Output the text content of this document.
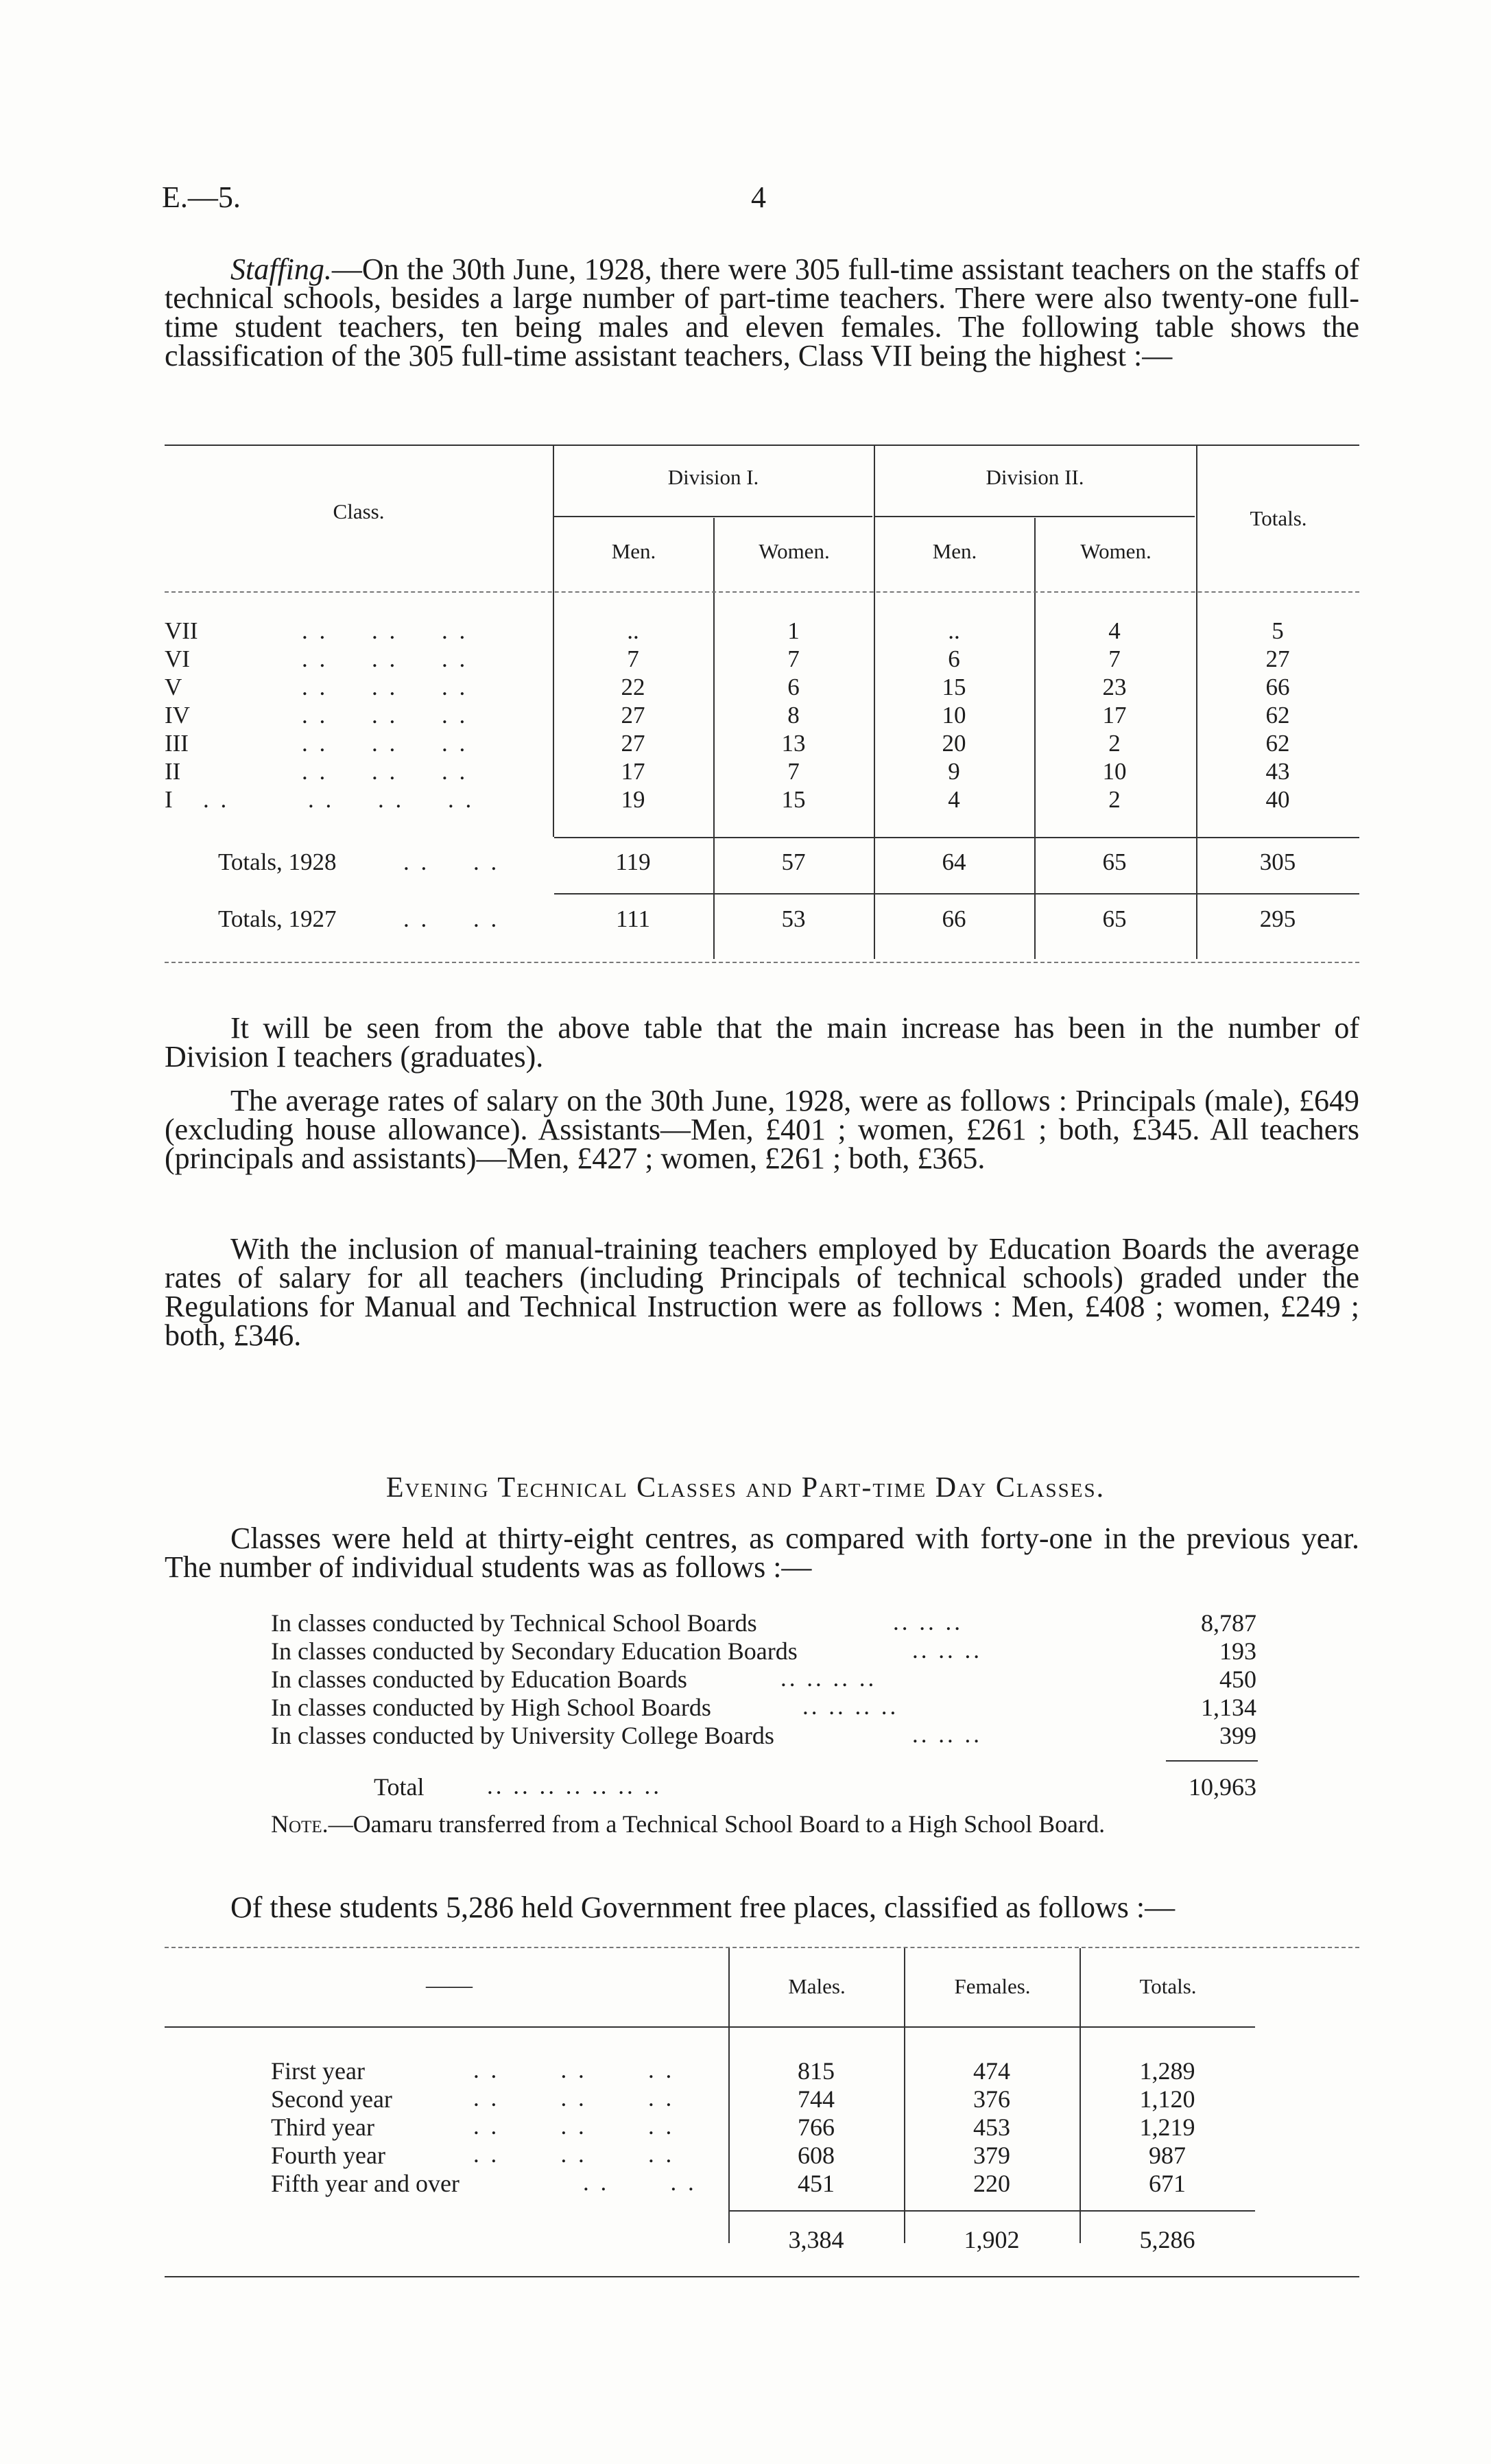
E.—5.	4
Staffing.—On the 30th June, 1928, there were 305 full-time assistant teachers on the staffs of technical schools, besides a large number of part-time teachers. There were also twenty-one full-time student teachers, ten being males and eleven females. The following table shows the classification of the 305 full-time assistant teachers, Class VII being the highest :—
Class.
Division I.	Division II.
Totals.
Men.	Women.	Men.	Women.
VII	. .     . .     . .	..	1	..	4	5
VI	. .     . .     . .	7	7	6	7	27
V	. .     . .     . .	22	6	15	23	66
IV	. .     . .     . .	27	8	10	17	62
III	. .     . .     . .	27	13	20	2	62
II	. .     . .     . .	17	7	9	10	43
I . .         . .     . .     . .	19	15	4	2	40
Totals, 1928	. .     . .	119	57	64	65	305
Totals, 1927	. .     . .	111	53	66	65	295
It will be seen from the above table that the main increase has been in the number of Division I teachers (graduates).
The average rates of salary on the 30th June, 1928, were as follows : Principals (male), £649 (excluding house allowance). Assistants—Men, £401 ; women, £261 ; both, £345. All teachers (principals and assistants)—Men, £427 ; women, £261 ; both, £365.
With the inclusion of manual-training teachers employed by Education Boards the average rates of salary for all teachers (including Principals of technical schools) graded under the Regulations for Manual and Technical Instruction were as follows : Men, £408 ; women, £249 ; both, £346.
Evening Technical Classes and Part-time Day Classes.
Classes were held at thirty-eight centres, as compared with forty-one in the previous year. The number of individual students was as follows :—
In classes conducted by Technical School Boards	.. .. ..	8,787
In classes conducted by Secondary Education Boards	.. .. ..	193
In classes conducted by Education Boards	.. .. .. ..	450
In classes conducted by High School Boards	.. .. .. ..	1,134
In classes conducted by University College Boards	.. .. ..	399
Total	.. .. .. .. .. .. ..	10,963
Note.—Oamaru transferred from a Technical School Board to a High School Board.
Of these students 5,286 held Government free places, classified as follows :—
——	Males.	Females.	Totals.
First year	. .       . .       . .	815	474	1,289
Second year	. .       . .       . .	744	376	1,120
Third year	. .       . .       . .	766	453	1,219
Fourth year	. .       . .       . .	608	379	987
Fifth year and over	. .       . .	451	220	671
3,384	1,902	5,286
